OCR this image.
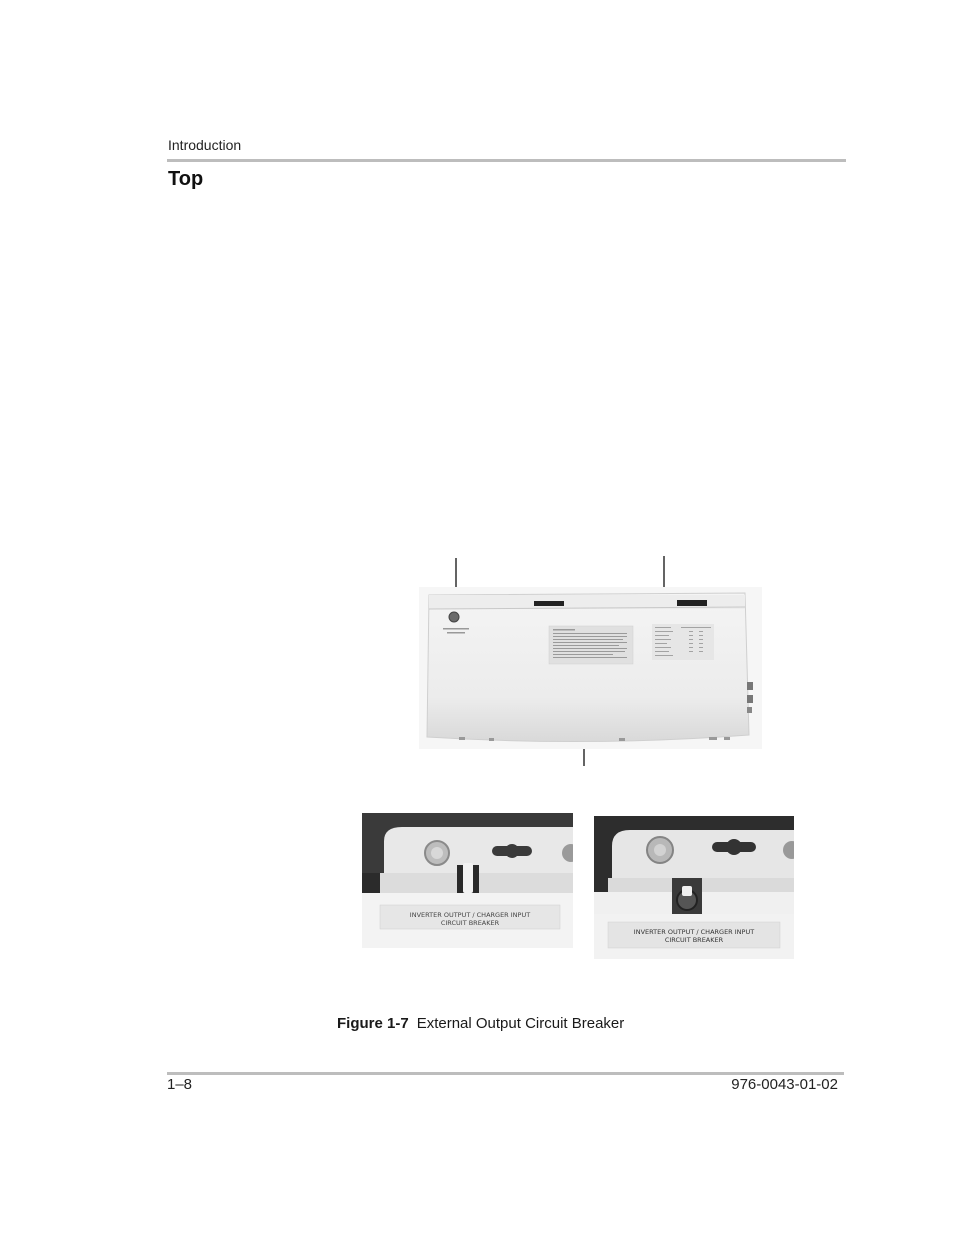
Introduction
Top
INVERTER OUTPUT / CHARGER INPUT
CIRCUIT BREAKER
INVERTER OUTPUT / CHARGER INPUT
CIRCUIT BREAKER
Figure 1-7 External Output Circuit Breaker
1–8	976-0043-01-02
